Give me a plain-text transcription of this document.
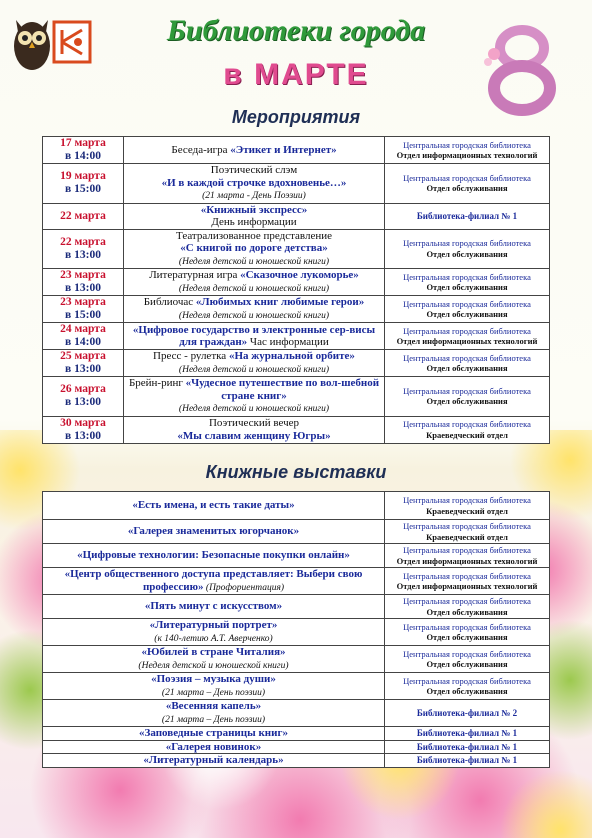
Библиотеки города
в МАРТЕ
Мероприятия
17 марта
в 14:00	Беседа-игра «Этикет и Интернет»	Центральная городская библиотека
Отдел информационных технологий

19 марта
в 15:00	Поэтический слэм
«И в каждой строчке вдохновенье…»
(21 марта - День Поэзии)	Центральная городская библиотека
Отдел обслуживания

22 марта	«Книжный экспресс»
День информации	Библиотека-филиал № 1

22 марта
в 13:00	Театрализованное представление
«С книгой по дороге детства»
(Неделя детской и юношеской книги)	Центральная городская библиотека
Отдел обслуживания

23 марта
в 13:00	Литературная игра «Сказочное лукоморье»
(Неделя детской и юношеской книги)	Центральная городская библиотека
Отдел обслуживания

23 марта
в 15:00	Библиочас «Любимых книг любимые герои»
(Неделя детской и юношеской книги)	Центральная городская библиотека
Отдел обслуживания

24 марта
в 14:00	«Цифровое государство и электронные сер-висы для граждан» Час информации	Центральная городская библиотека
Отдел информационных технологий

25 марта
в 13:00	Пресс - рулетка «На журнальной орбите»
(Неделя детской и юношеской книги)	Центральная городская библиотека
Отдел обслуживания

26 марта
в 13:00	Брейн-ринг «Чудесное путешествие по вол-шебной стране книг»
(Неделя детской и юношеской книги)	Центральная городская библиотека
Отдел обслуживания

30 марта
в 13:00	Поэтический вечер
«Мы славим женщину Югры»	Центральная городская библиотека
Краеведческий отдел
Книжные выставки
«Есть имена, и есть такие даты»	Центральная городская библиотека
Краеведческий отдел

«Галерея знаменитых югорчанок»	Центральная городская библиотека
Краеведческий отдел

«Цифровые технологии: Безопасные покупки онлайн»	Центральная городская библиотека
Отдел информационных технологий

«Центр общественного доступа представляет: Выбери свою профессию» (Профориентация)	Центральная городская библиотека
Отдел информационных технологий

«Пять минут с искусством»	Центральная городская библиотека
Отдел обслуживания

«Литературный портрет»
(к 140-летию А.Т. Аверченко)	Центральная городская библиотека
Отдел обслуживания

«Юбилей в стране Читалия»
(Неделя детской и юношеской книги)	Центральная городская библиотека
Отдел обслуживания

«Поэзия – музыка души»
(21 марта – День поэзии)	Центральная городская библиотека
Отдел обслуживания

«Весенняя капель»
(21 марта – День поэзии)	Библиотека-филиал № 2

«Заповедные страницы книг»	Библиотека-филиал № 1

«Галерея новинок»	Библиотека-филиал № 1

«Литературный календарь»	Библиотека-филиал № 1
